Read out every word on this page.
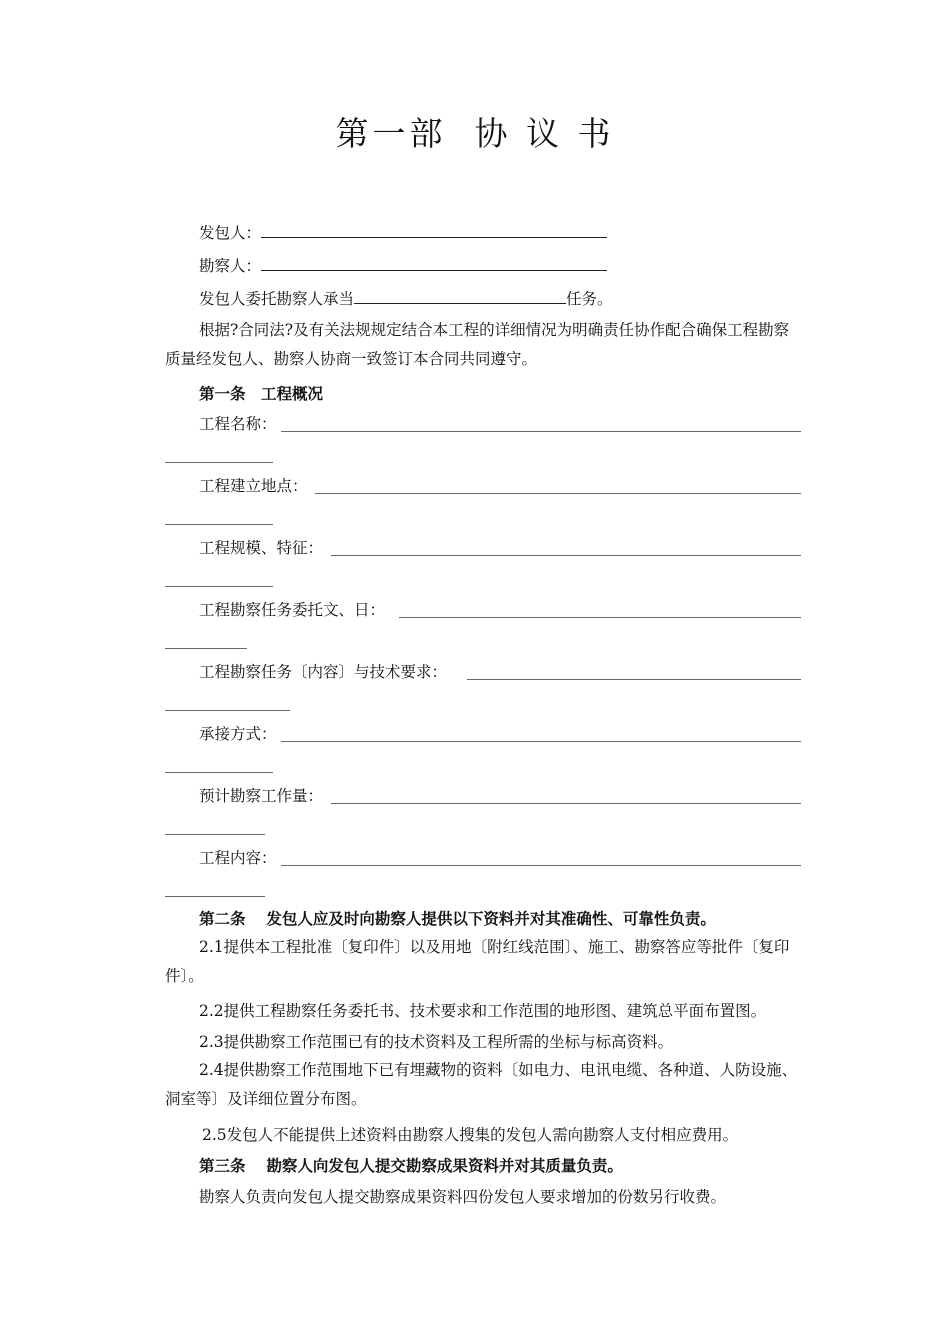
第一部 协 议 书
发包人：
勘察人：
发包人委托勘察人承当	任务。
根据?合同法?及有关法规规定结合本工程的详细情况为明确责任协作配合确保工程勘察质量经发包人、勘察人协商一致签订本合同共同遵守。
第一条　工程概况
工程名称：
工程建立地点：
工程规模、特征：
工程勘察任务委托文、日：
工程勘察任务〔内容〕与技术要求：
承接方式：
预计勘察工作量：
工程内容：
第二条　 发包人应及时向勘察人提供以下资料并对其准确性、可靠性负责。
2.1提供本工程批准〔复印件〕以及用地〔附红线范围〕、施工、勘察答应等批件〔复印件〕。
2.2提供工程勘察任务委托书、技术要求和工作范围的地形图、建筑总平面布置图。
2.3提供勘察工作范围已有的技术资料及工程所需的坐标与标高资料。
2.4提供勘察工作范围地下已有埋藏物的资料〔如电力、电讯电缆、各种道、人防设施、洞室等〕及详细位置分布图。
2.5发包人不能提供上述资料由勘察人搜集的发包人需向勘察人支付相应费用。
第三条　 勘察人向发包人提交勘察成果资料并对其质量负责。
勘察人负责向发包人提交勘察成果资料四份发包人要求增加的份数另行收费。
